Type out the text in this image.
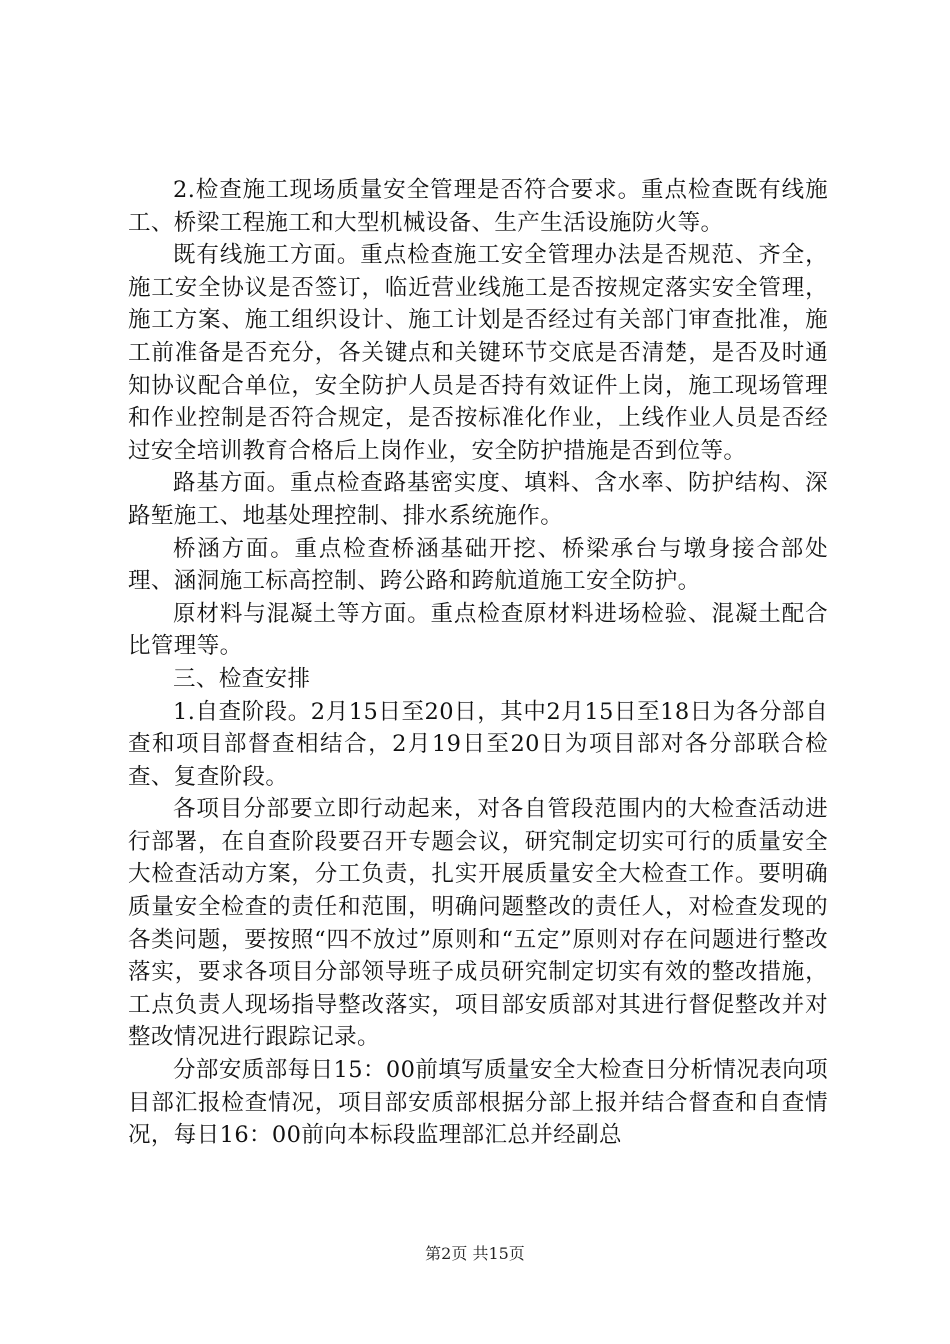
2.检查施工现场质量安全管理是否符合要求。重点检查既有线施工、桥梁工程施工和大型机械设备、生产生活设施防火等。

既有线施工方面。重点检查施工安全管理办法是否规范、齐全，施工安全协议是否签订，临近营业线施工是否按规定落实安全管理，施工方案、施工组织设计、施工计划是否经过有关部门审查批准，施工前准备是否充分，各关键点和关键环节交底是否清楚，是否及时通知协议配合单位，安全防护人员是否持有效证件上岗，施工现场管理和作业控制是否符合规定，是否按标准化作业，上线作业人员是否经过安全培训教育合格后上岗作业，安全防护措施是否到位等。

路基方面。重点检查路基密实度、填料、含水率、防护结构、深路堑施工、地基处理控制、排水系统施作。

桥涵方面。重点检查桥涵基础开挖、桥梁承台与墩身接合部处理、涵洞施工标高控制、跨公路和跨航道施工安全防护。

原材料与混凝土等方面。重点检查原材料进场检验、混凝土配合比管理等。

三、检查安排

1.自查阶段。2月15日至20日，其中2月15日至18日为各分部自查和项目部督查相结合，2月19日至20日为项目部对各分部联合检查、复查阶段。

各项目分部要立即行动起来，对各自管段范围内的大检查活动进行部署，在自查阶段要召开专题会议，研究制定切实可行的质量安全大检查活动方案，分工负责，扎实开展质量安全大检查工作。要明确质量安全检查的责任和范围，明确问题整改的责任人，对检查发现的各类问题，要按照“四不放过”原则和“五定”原则对存在问题进行整改落实，要求各项目分部领导班子成员研究制定切实有效的整改措施，工点负责人现场指导整改落实，项目部安质部对其进行督促整改并对整改情况进行跟踪记录。

分部安质部每日15：00前填写质量安全大检查日分析情况表向项目部汇报检查情况，项目部安质部根据分部上报并结合督查和自查情况，每日16：00前向本标段监理部汇总并经副总

第2页 共15页
